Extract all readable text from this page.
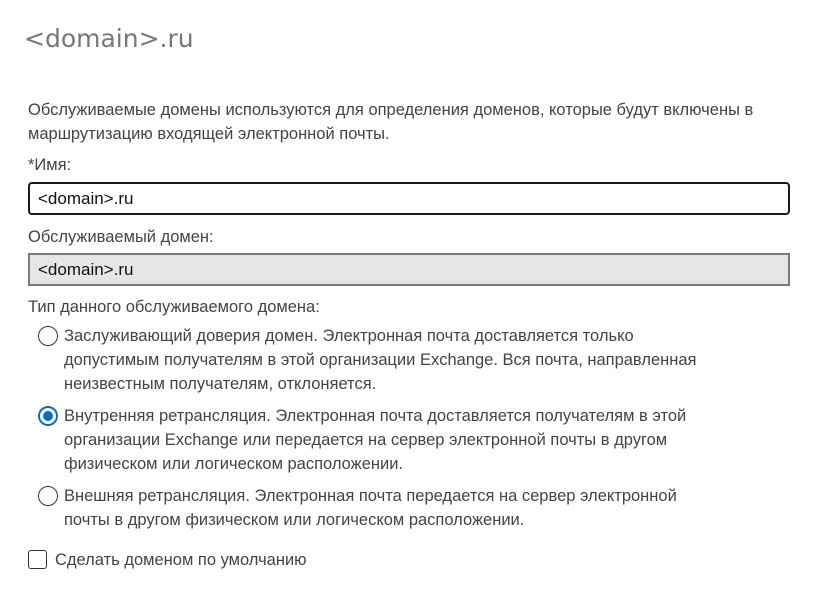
<domain>.ru
Обслуживаемые домены используются для определения доменов, которые будут включены в маршрутизацию входящей электронной почты.
*Имя:
<domain>.ru
Обслуживаемый домен:
<domain>.ru
Тип данного обслуживаемого домена:
Заслуживающий доверия домен. Электронная почта доставляется только допустимым получателям в этой организации Exchange. Вся почта, направленная неизвестным получателям, отклоняется.
Внутренняя ретрансляция. Электронная почта доставляется получателям в этой организации Exchange или передается на сервер электронной почты в другом физическом или логическом расположении.
Внешняя ретрансляция. Электронная почта передается на сервер электронной почты в другом физическом или логическом расположении.
Сделать доменом по умолчанию
